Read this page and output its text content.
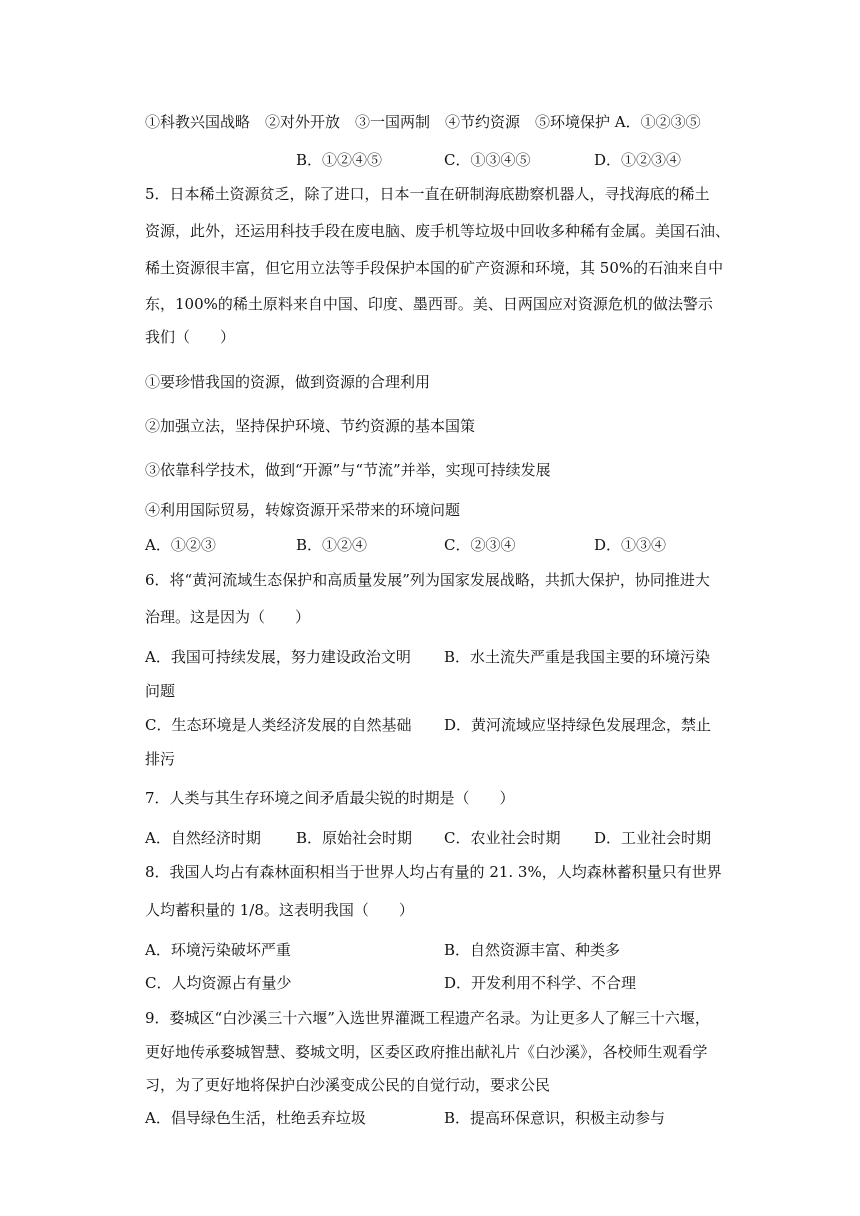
①科教兴国战略　②对外开放　③一国两制　④节约资源　⑤环境保护 A．①②③⑤
B．①②④⑤	C．①③④⑤	D．①②③④
5．日本稀土资源贫乏，除了进口，日本一直在研制海底勘察机器人，寻找海底的稀土
资源，此外，还运用科技手段在废电脑、废手机等垃圾中回收多种稀有金属。美国石油、
稀土资源很丰富，但它用立法等手段保护本国的矿产资源和环境，其 50%的石油来自中
东，100%的稀土原料来自中国、印度、墨西哥。美、日两国应对资源危机的做法警示
我们（　　）
①要珍惜我国的资源，做到资源的合理利用
②加强立法，坚持保护环境、节约资源的基本国策
③依靠科学技术，做到“开源”与“节流”并举，实现可持续发展
④利用国际贸易，转嫁资源开采带来的环境问题
A．①②③	B．①②④	C．②③④	D．①③④
6．将“黄河流域生态保护和高质量发展”列为国家发展战略，共抓大保护，协同推进大
治理。这是因为（　　）
A．我国可持续发展，努力建设政治文明 B．水土流失严重是我国主要的环境污染
问题
C．生态环境是人类经济发展的自然基础 D．黄河流域应坚持绿色发展理念，禁止
排污
7．人类与其生存环境之间矛盾最尖锐的时期是（　　）
A．自然经济时期 B．原始社会时期 C．农业社会时期 D．工业社会时期
8．我国人均占有森林面积相当于世界人均占有量的 21. 3%，人均森林蓄积量只有世界
人均蓄积量的 1/8。这表明我国（　　）
A．环境污染破坏严重	B．自然资源丰富、种类多
C．人均资源占有量少	D．开发利用不科学、不合理
9．婺城区“白沙溪三十六堰”入选世界灌溉工程遗产名录。为让更多人了解三十六堰，
更好地传承婺城智慧、婺城文明，区委区政府推出献礼片《白沙溪》，各校师生观看学
习，为了更好地将保护白沙溪变成公民的自觉行动，要求公民
A．倡导绿色生活，杜绝丢弃垃圾	B．提高环保意识，积极主动参与
